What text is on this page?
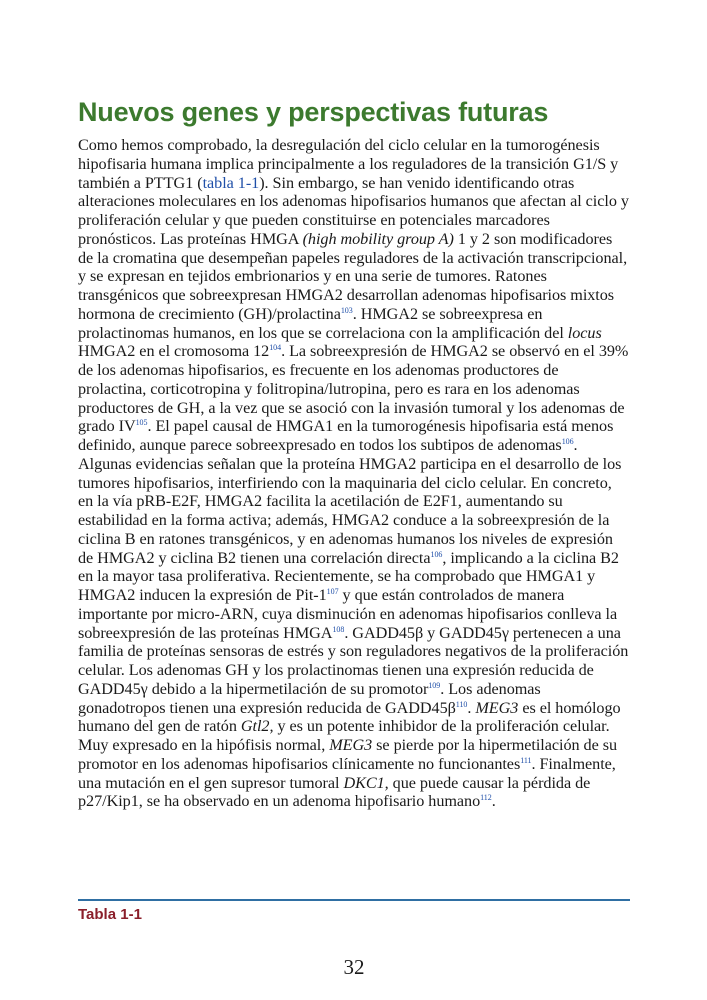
Nuevos genes y perspectivas futuras

Como hemos comprobado, la desregulación del ciclo celular en la tumorogénesis hipofisaria humana implica principalmente a los reguladores de la transición G1/S y también a PTTG1 (tabla 1-1). Sin embargo, se han venido identificando otras alteraciones moleculares en los adenomas hipofisarios humanos que afectan al ciclo y proliferación celular y que pueden constituirse en potenciales marcadores pronósticos. Las proteínas HMGA (high mobility group A) 1 y 2 son modificadores de la cromatina que desempeñan papeles reguladores de la activación transcripcional, y se expresan en tejidos embrionarios y en una serie de tumores. Ratones transgénicos que sobreexpresan HMGA2 desarrollan adenomas hipofisarios mixtos hormona de crecimiento (GH)/prolactina$^{103}$. HMGA2 se sobreexpresa en prolactinomas humanos, en los que se correlaciona con la amplificación del locus HMGA2 en el cromosoma 12$^{104}$. La sobreexpresión de HMGA2 se observó en el 39% de los adenomas hipofisarios, es frecuente en los adenomas productores de prolactina, corticotropina y folitropina/lutropina, pero es rara en los adenomas productores de GH, a la vez que se asoció con la invasión tumoral y los adenomas de grado IV$^{105}$. El papel causal de HMGA1 en la tumorogénesis hipofisaria está menos definido, aunque parece sobreexpresado en todos los subtipos de adenomas$^{106}$. Algunas evidencias señalan que la proteína HMGA2 participa en el desarrollo de los tumores hipofisarios, interfiriendo con la maquinaria del ciclo celular. En concreto, en la vía pRB-E2F, HMGA2 facilita la acetilación de E2F1, aumentando su estabilidad en la forma activa; además, HMGA2 conduce a la sobreexpresión de la ciclina B en ratones transgénicos, y en adenomas humanos los niveles de expresión de HMGA2 y ciclina B2 tienen una correlación directa$^{106}$, implicando a la ciclina B2 en la mayor tasa proliferativa. Recientemente, se ha comprobado que HMGA1 y HMGA2 inducen la expresión de Pit-1$^{107}$ y que están controlados de manera importante por micro-ARN, cuya disminución en adenomas hipofisarios conlleva la sobreexpresión de las proteínas HMGA$^{108}$. GADD45β y GADD45γ pertenecen a una familia de proteínas sensoras de estrés y son reguladores negativos de la proliferación celular. Los adenomas GH y los prolactinomas tienen una expresión reducida de GADD45γ debido a la hipermetilación de su promotor$^{109}$. Los adenomas gonadotropos tienen una expresión reducida de GADD45β$^{110}$. MEG3 es el homólogo humano del gen de ratón Gtl2, y es un potente inhibidor de la proliferación celular. Muy expresado en la hipófisis normal, MEG3 se pierde por la hipermetilación de su promotor en los adenomas hipofisarios clínicamente no funcionantes$^{111}$. Finalmente, una mutación en el gen supresor tumoral DKC1, que puede causar la pérdida de p27/Kip1, se ha observado en un adenoma hipofisario humano$^{112}$.

Tabla 1-1
32
